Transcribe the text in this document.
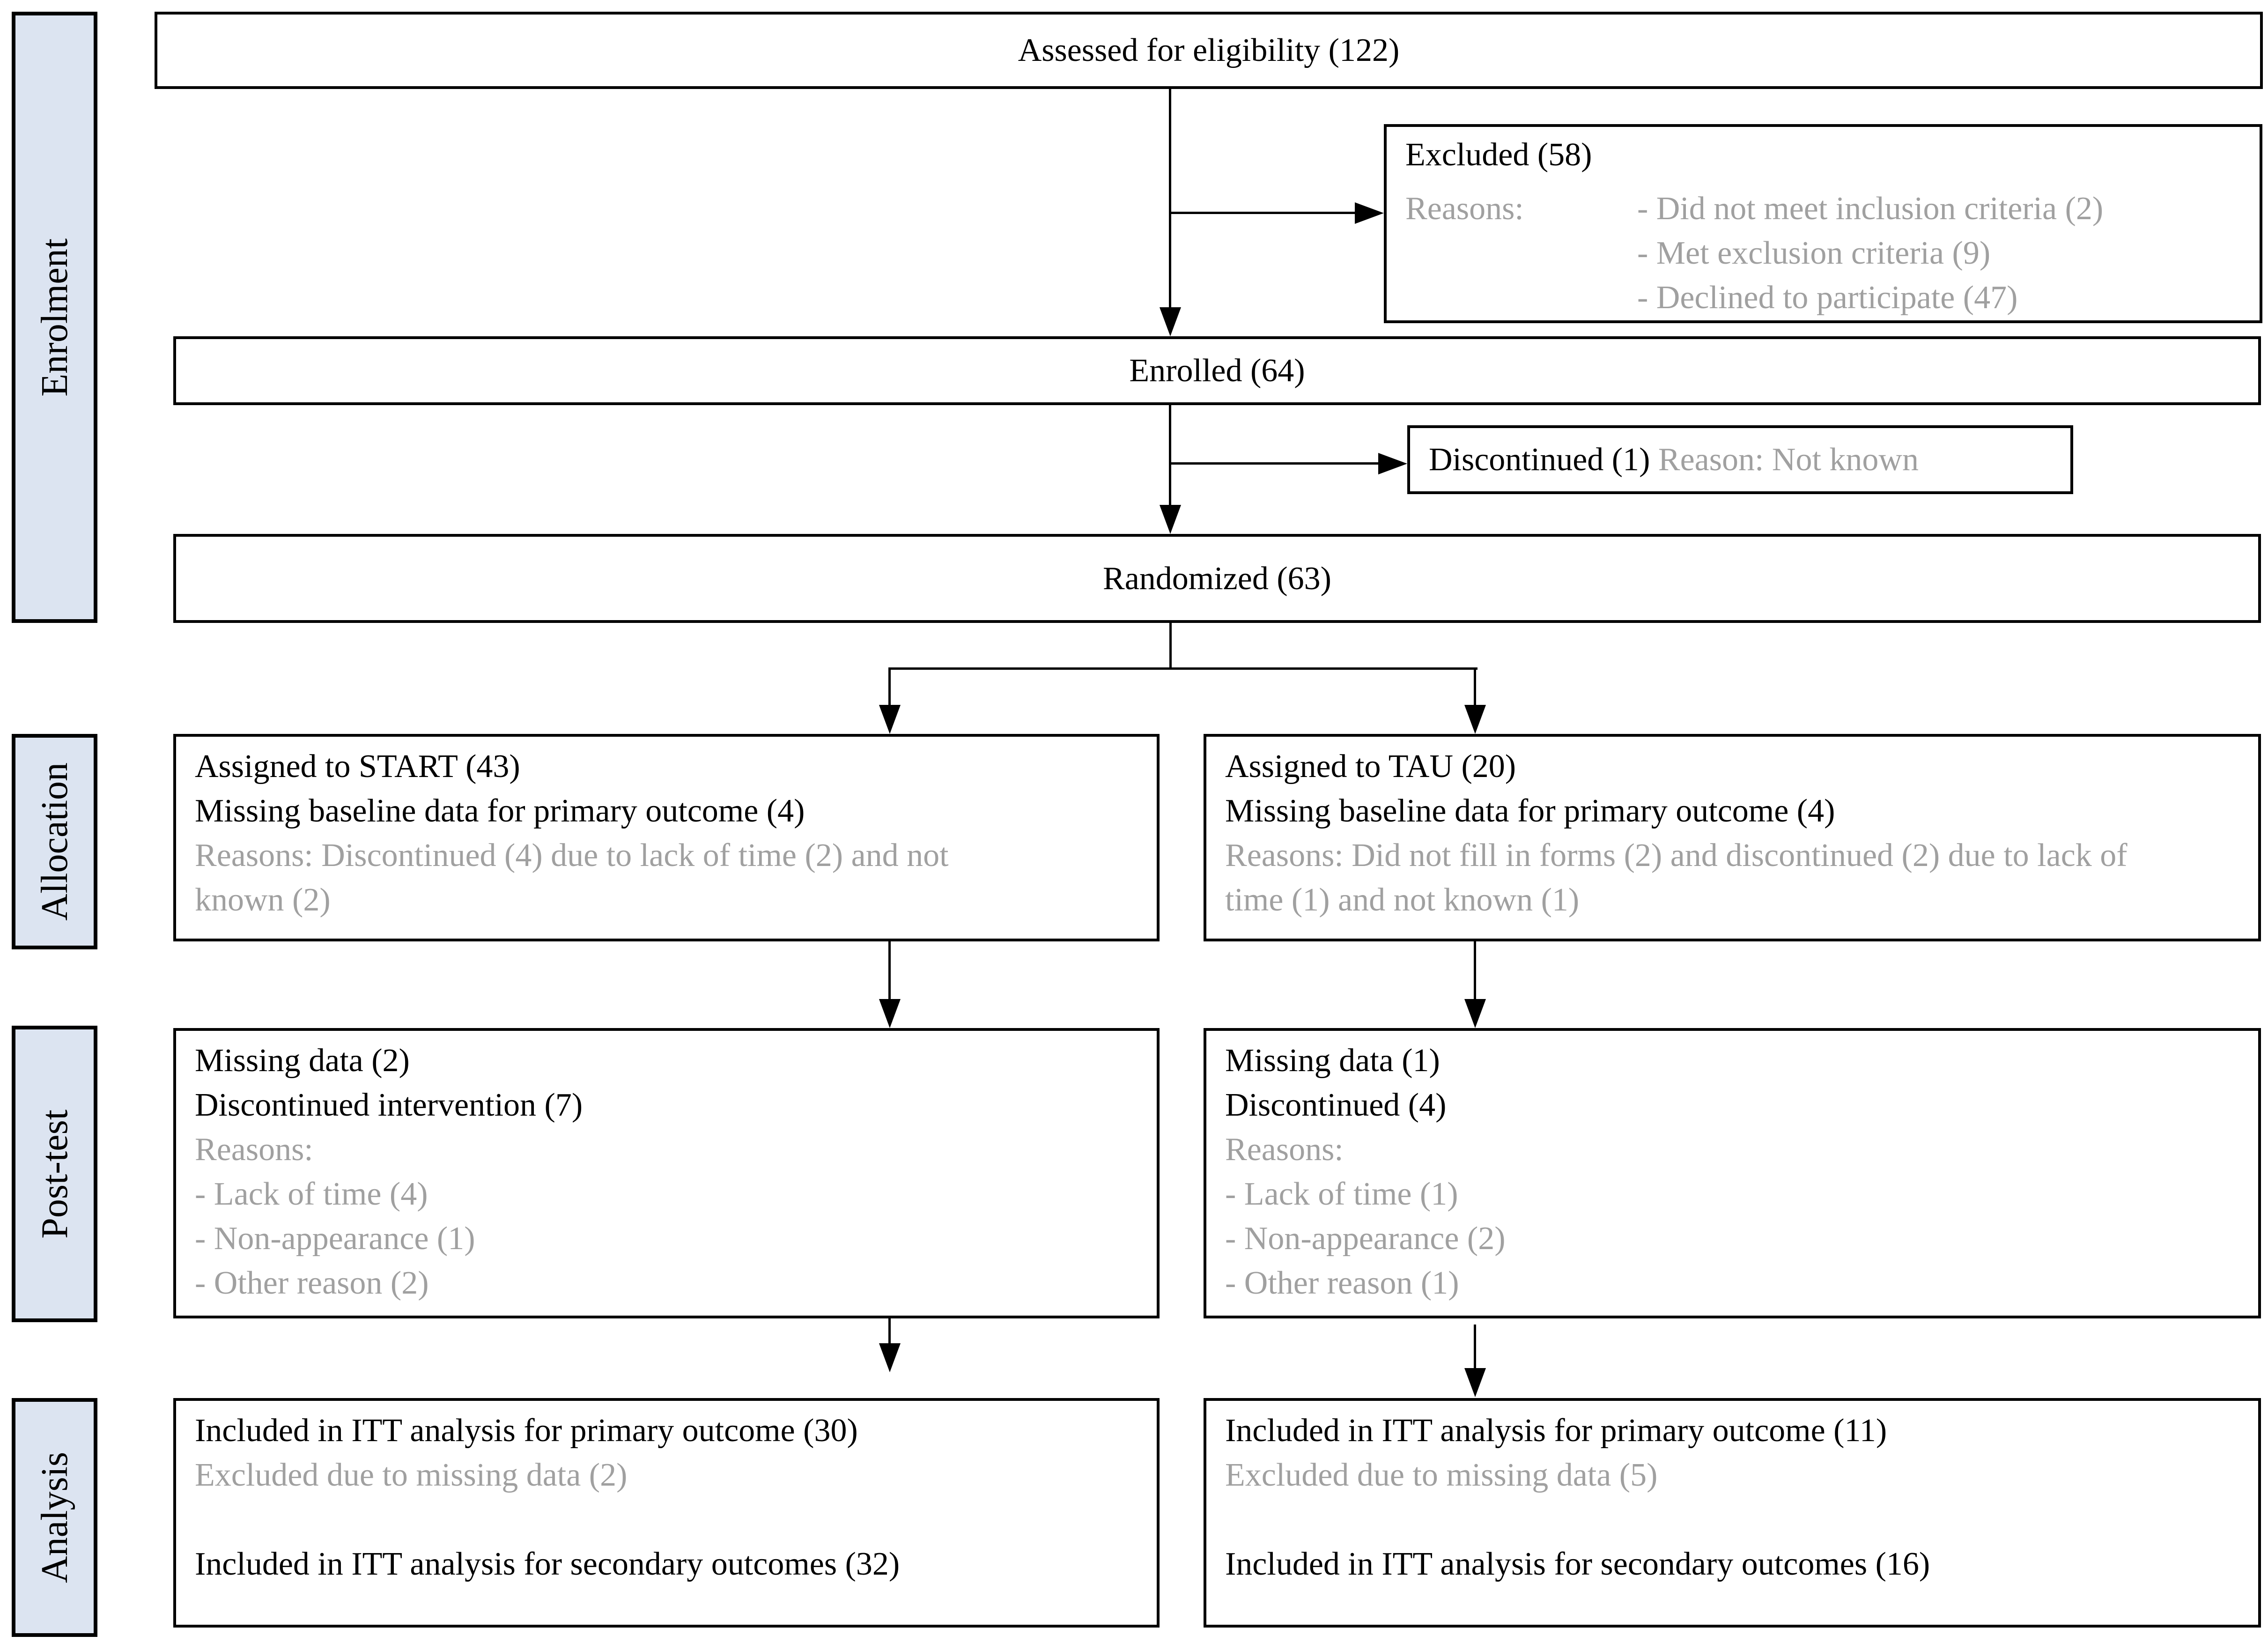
Enrolment
Allocation
Post-test
Analysis
Assessed for eligibility (122)
Excluded (58)
Reasons:	- Did not meet inclusion criteria (2)
- Met exclusion criteria (9)
- Declined to participate (47)
Enrolled (64)
Discontinued (1)
Reason: Not known
Randomized (63)
Assigned to START (43)
Missing baseline data for primary outcome (4)
Reasons: Discontinued (4) due to lack of time (2) and not
known (2)
Assigned to TAU (20)
Missing baseline data for primary outcome (4)
Reasons: Did not fill in forms (2) and discontinued (2) due to lack of
time (1) and not known (1)
Missing data (2)
Discontinued intervention (7)
Reasons:
- Lack of time (4)
- Non-appearance (1)
- Other reason (2)
Missing data (1)
Discontinued (4)
Reasons:
- Lack of time (1)
- Non-appearance (2)
- Other reason (1)
Included in ITT analysis for primary outcome (30)
Excluded due to missing data (2)
Included in ITT analysis for secondary outcomes (32)
Included in ITT analysis for primary outcome (11)
Excluded due to missing data (5)
Included in ITT analysis for secondary outcomes (16)
